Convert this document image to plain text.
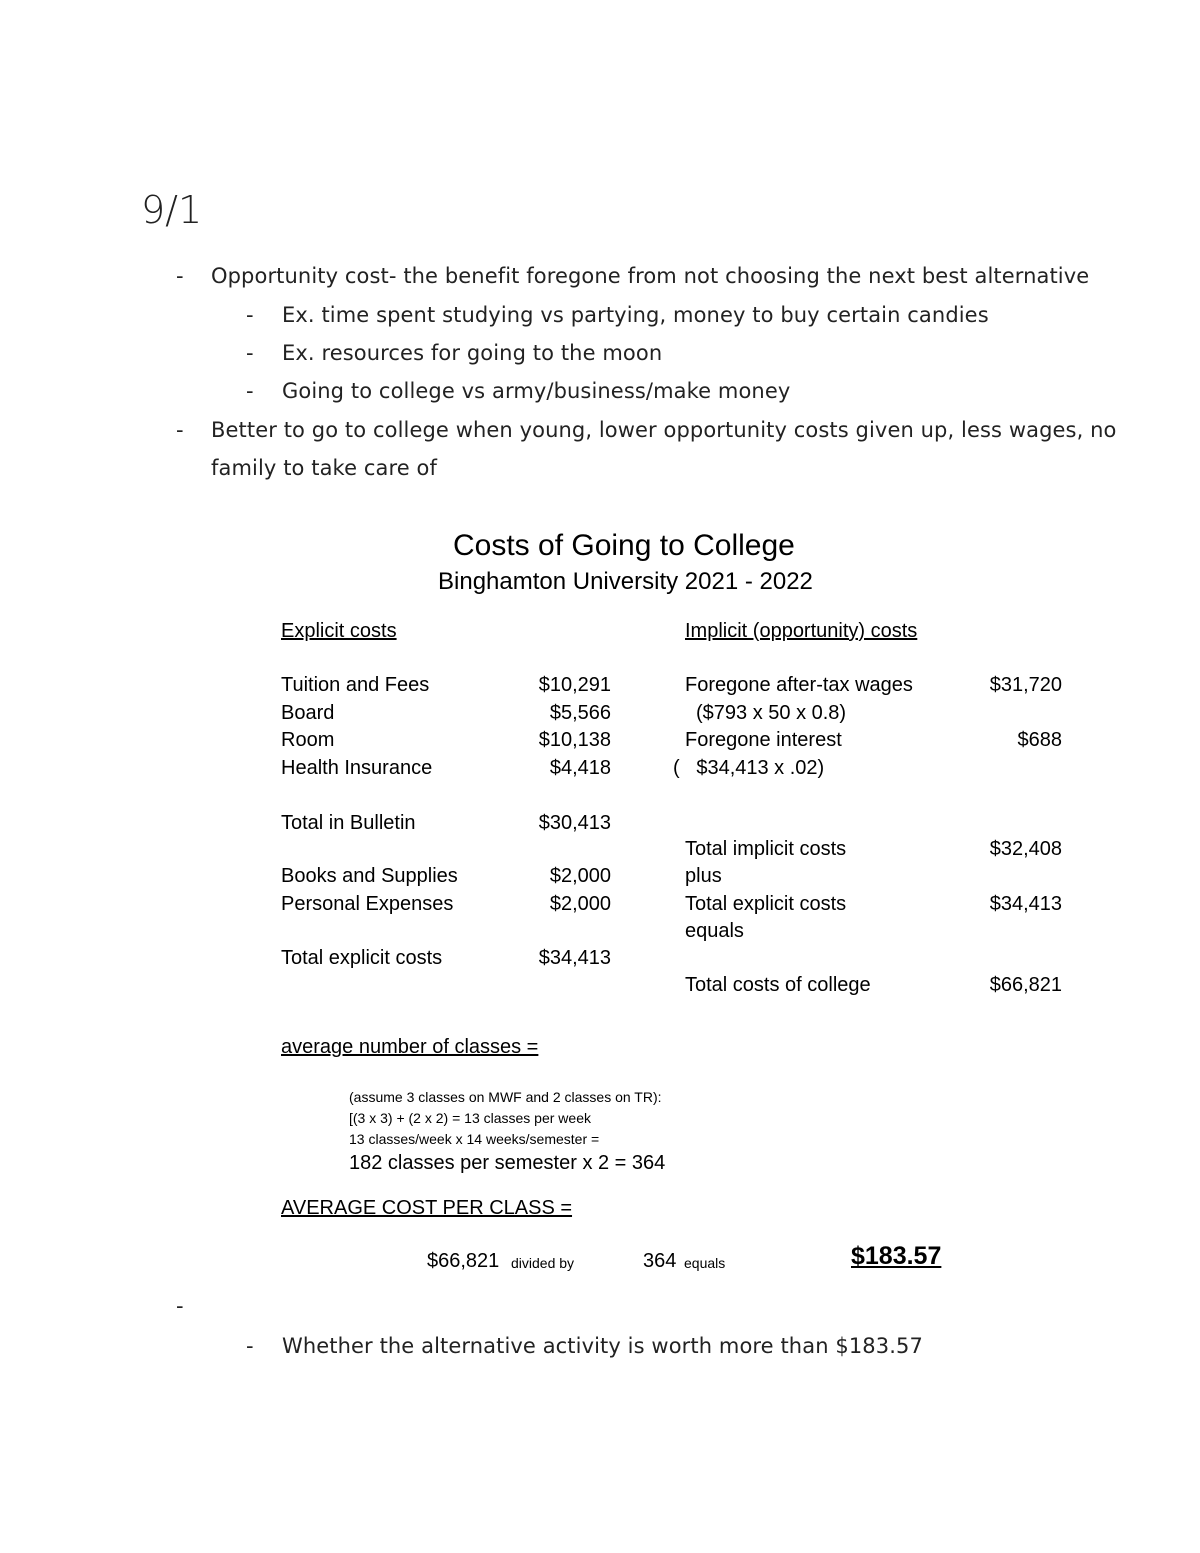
9/1
- Opportunity cost- the benefit foregone from not choosing the next best alternative
- Ex. time spent studying vs partying, money to buy certain candies
- Ex. resources for going to the moon
- Going to college vs army/business/make money
- Better to go to college when young, lower opportunity costs given up, less wages, no
family to take care of
Costs of Going to College
Binghamton University 2021 - 2022
Explicit costs	Implicit (opportunity) costs
Tuition and Fees	$10,291
Board	$5,566
Room	$10,138
Health Insurance	$4,418
Total in Bulletin	$30,413
Books and Supplies	$2,000
Personal Expenses	$2,000
Total explicit costs	$34,413
Foregone after-tax wages	$31,720
($793 x 50 x 0.8)
Foregone interest	$688
(   $34,413 x .02)
Total implicit costs	$32,408
plus
Total explicit costs	$34,413
equals
Total costs of college	$66,821
average number of classes =
(assume 3 classes on MWF and 2 classes on TR):
[(3 x 3) + (2 x 2) = 13 classes per week
13 classes/week x 14 weeks/semester =
182 classes per semester x 2 = 364
AVERAGE COST PER CLASS =
$66,821 divided by	364 equals	$183.57
-
- Whether the alternative activity is worth more than $183.57
